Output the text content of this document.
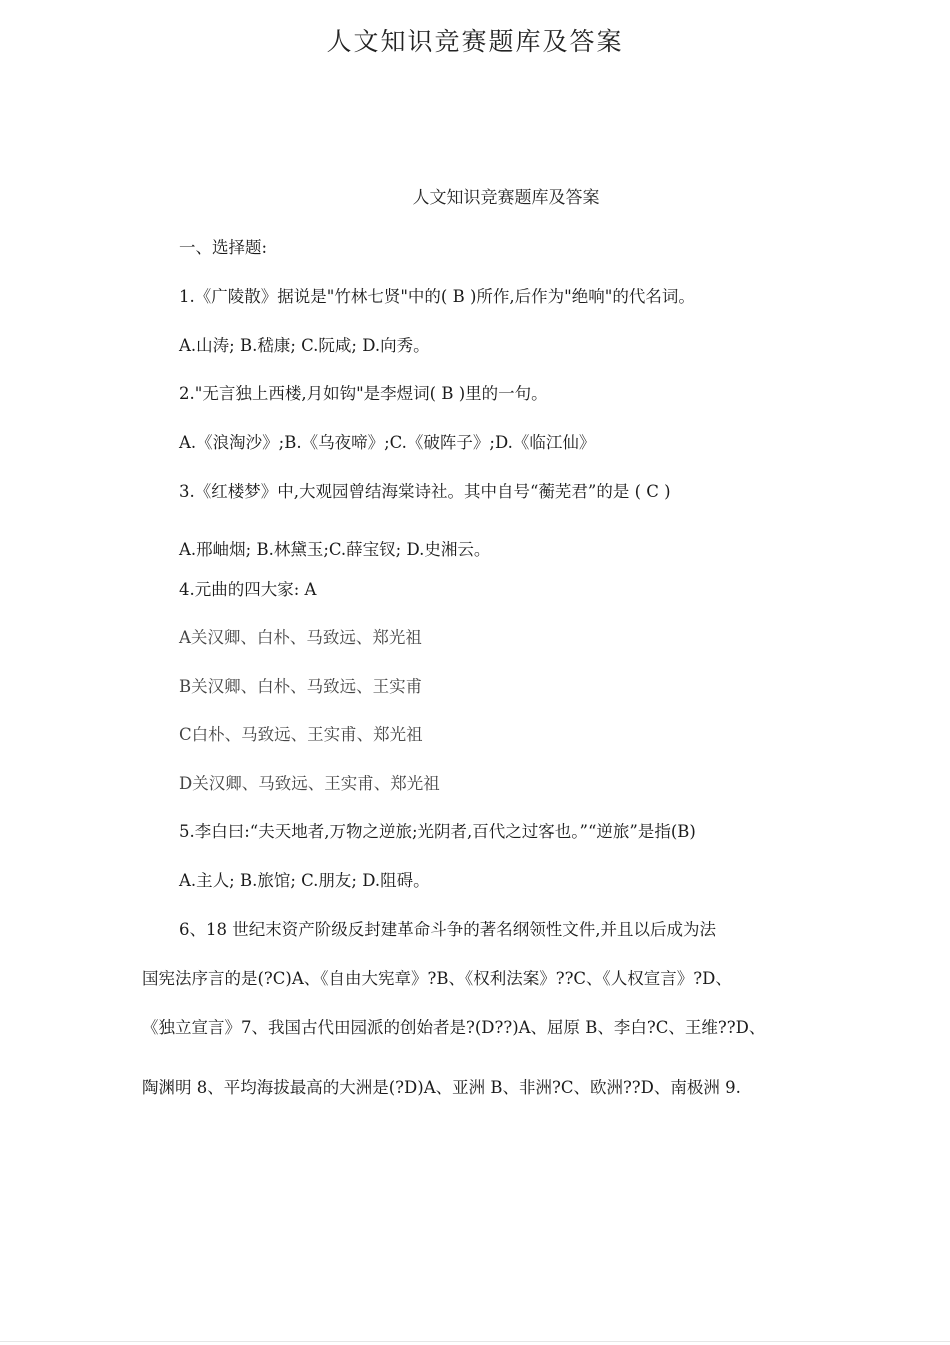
人文知识竞赛题库及答案
人文知识竞赛题库及答案
一、选择题:
1.《广陵散》据说是"竹林七贤"中的( B )所作,后作为"绝响"的代名词。
A.山涛; B.嵇康; C.阮咸; D.向秀。
2."无言独上西楼,月如钩"是李煜词( B )里的一句。
A.《浪淘沙》;B.《乌夜啼》;C.《破阵子》;D.《临江仙》
3.《红楼梦》中,大观园曾结海棠诗社。其中自号“蘅芜君”的是 ( C )
A.邢岫烟; B.林黛玉;C.薛宝钗; D.史湘云。
4.元曲的四大家: A
A关汉卿、白朴、马致远、郑光祖
B关汉卿、白朴、马致远、王实甫
C白朴、马致远、王实甫、郑光祖
D关汉卿、马致远、王实甫、郑光祖
5.李白曰:“夫天地者,万物之逆旅;光阴者,百代之过客也。”“逆旅”是指(B)
A.主人; B.旅馆; C.朋友; D.阻碍。
6、18 世纪末资产阶级反封建革命斗争的著名纲领性文件,并且以后成为法
国宪法序言的是(?C)A、《自由大宪章》?B、《权利法案》??C、《人权宣言》?D、
《独立宣言》7、我国古代田园派的创始者是?(D??)A、屈原 B、李白?C、王维??D、
陶渊明 8、平均海拔最高的大洲是(?D)A、亚洲 B、非洲?C、欧洲??D、南极洲 9.
